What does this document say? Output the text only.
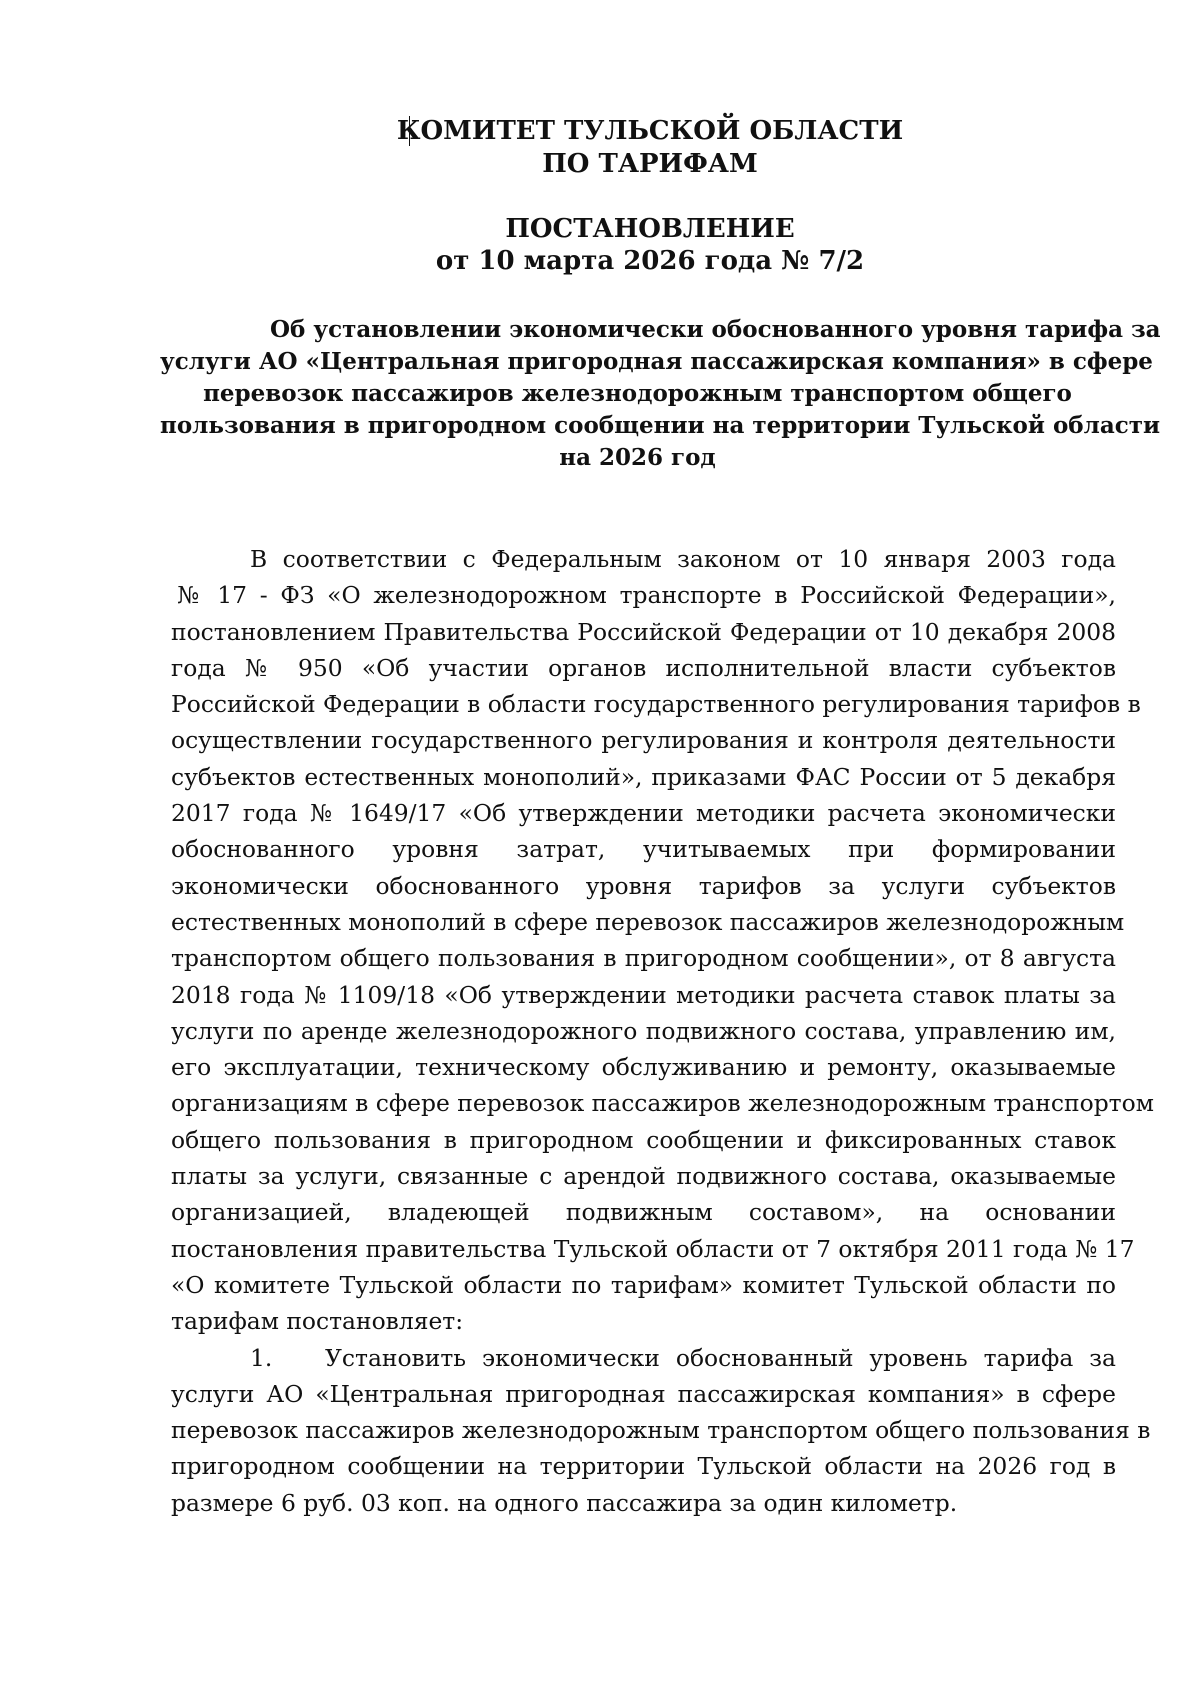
КОМИТЕТ ТУЛЬСКОЙ ОБЛАСТИ
ПО ТАРИФАМ
ПОСТАНОВЛЕНИЕ
от 10 марта 2026 года № 7/2
Об установлении экономически обоснованного уровня тарифа за
услуги АО «Центральная пригородная пассажирская компания» в сфере
перевозок пассажиров железнодорожным транспортом общего
пользования в пригородном сообщении на территории Тульской области
на 2026 год
В соответствии с Федеральным законом от 10 января 2003 года
№ 17 - ФЗ «О железнодорожном транспорте в Российской Федерации»,
постановлением Правительства Российской Федерации от 10 декабря 2008
года № 950 «Об участии органов исполнительной власти субъектов
Российской Федерации в области государственного регулирования тарифов в
осуществлении государственного регулирования и контроля деятельности
субъектов естественных монополий», приказами ФАС России от 5 декабря
2017 года № 1649/17 «Об утверждении методики расчета экономически
обоснованного уровня затрат, учитываемых при формировании
экономически обоснованного уровня тарифов за услуги субъектов
естественных монополий в сфере перевозок пассажиров железнодорожным
транспортом общего пользования в пригородном сообщении», от 8 августа
2018 года № 1109/18 «Об утверждении методики расчета ставок платы за
услуги по аренде железнодорожного подвижного состава, управлению им,
его эксплуатации, техническому обслуживанию и ремонту, оказываемые
организациям в сфере перевозок пассажиров железнодорожным транспортом
общего пользования в пригородном сообщении и фиксированных ставок
платы за услуги, связанные с арендой подвижного состава, оказываемые
организацией, владеющей подвижным составом», на основании
постановления правительства Тульской области от 7 октября 2011 года № 17
«О комитете Тульской области по тарифам» комитет Тульской области по
тарифам постановляет:
1. Установить экономически обоснованный уровень тарифа за
услуги АО «Центральная пригородная пассажирская компания» в сфере
перевозок пассажиров железнодорожным транспортом общего пользования в
пригородном сообщении на территории Тульской области на 2026 год в
размере 6 руб. 03 коп. на одного пассажира за один километр.
